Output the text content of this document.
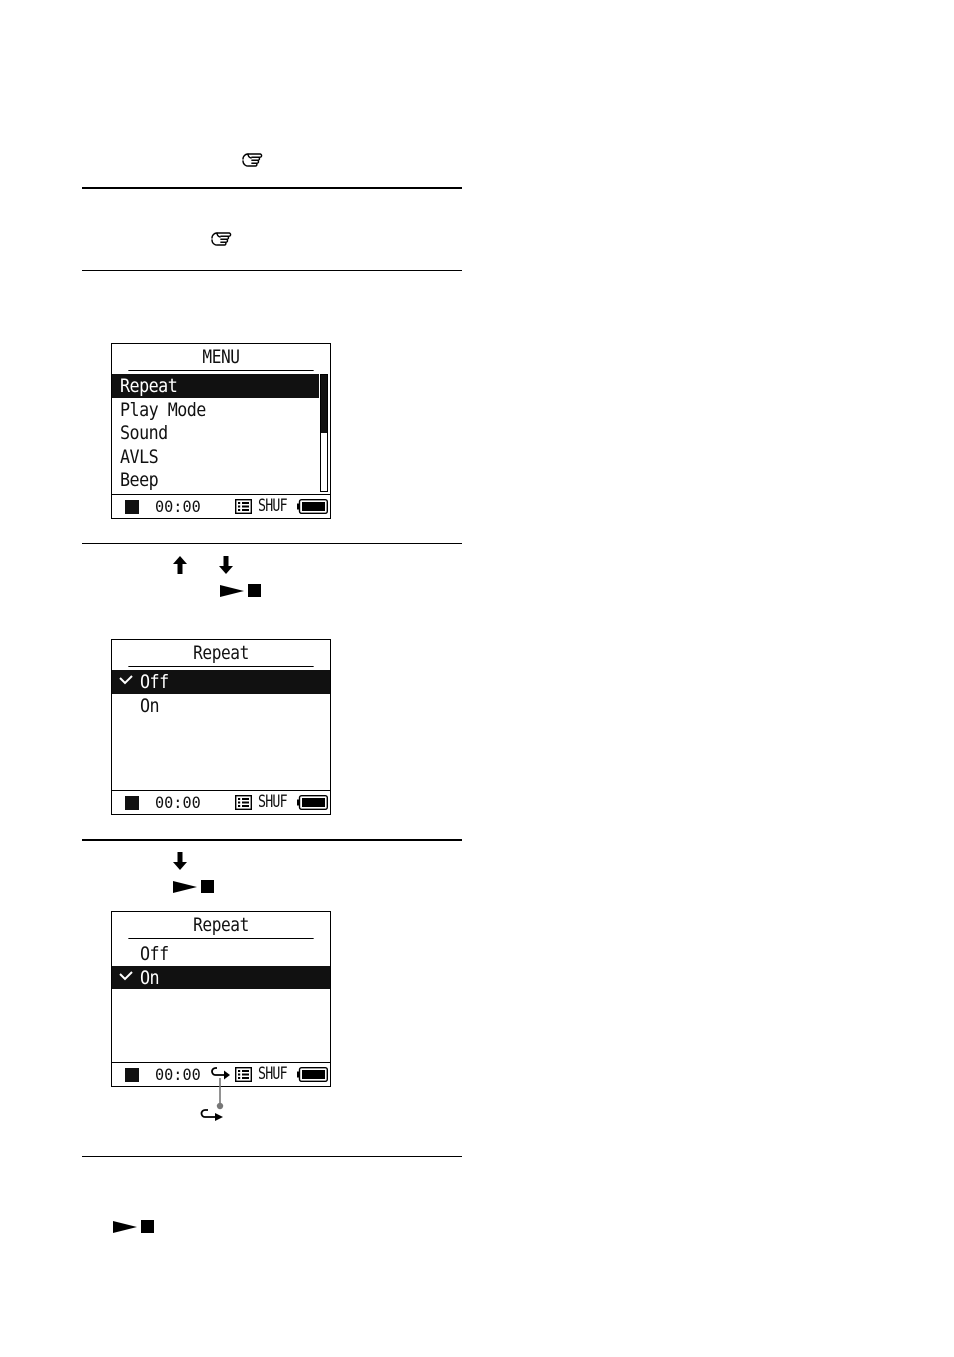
MENU
Repeat
Play Mode
Sound
AVLS
Beep
00:00	SHUF
Repeat
Off
On
00:00	SHUF
Repeat
Off
On
00:00	SHUF
